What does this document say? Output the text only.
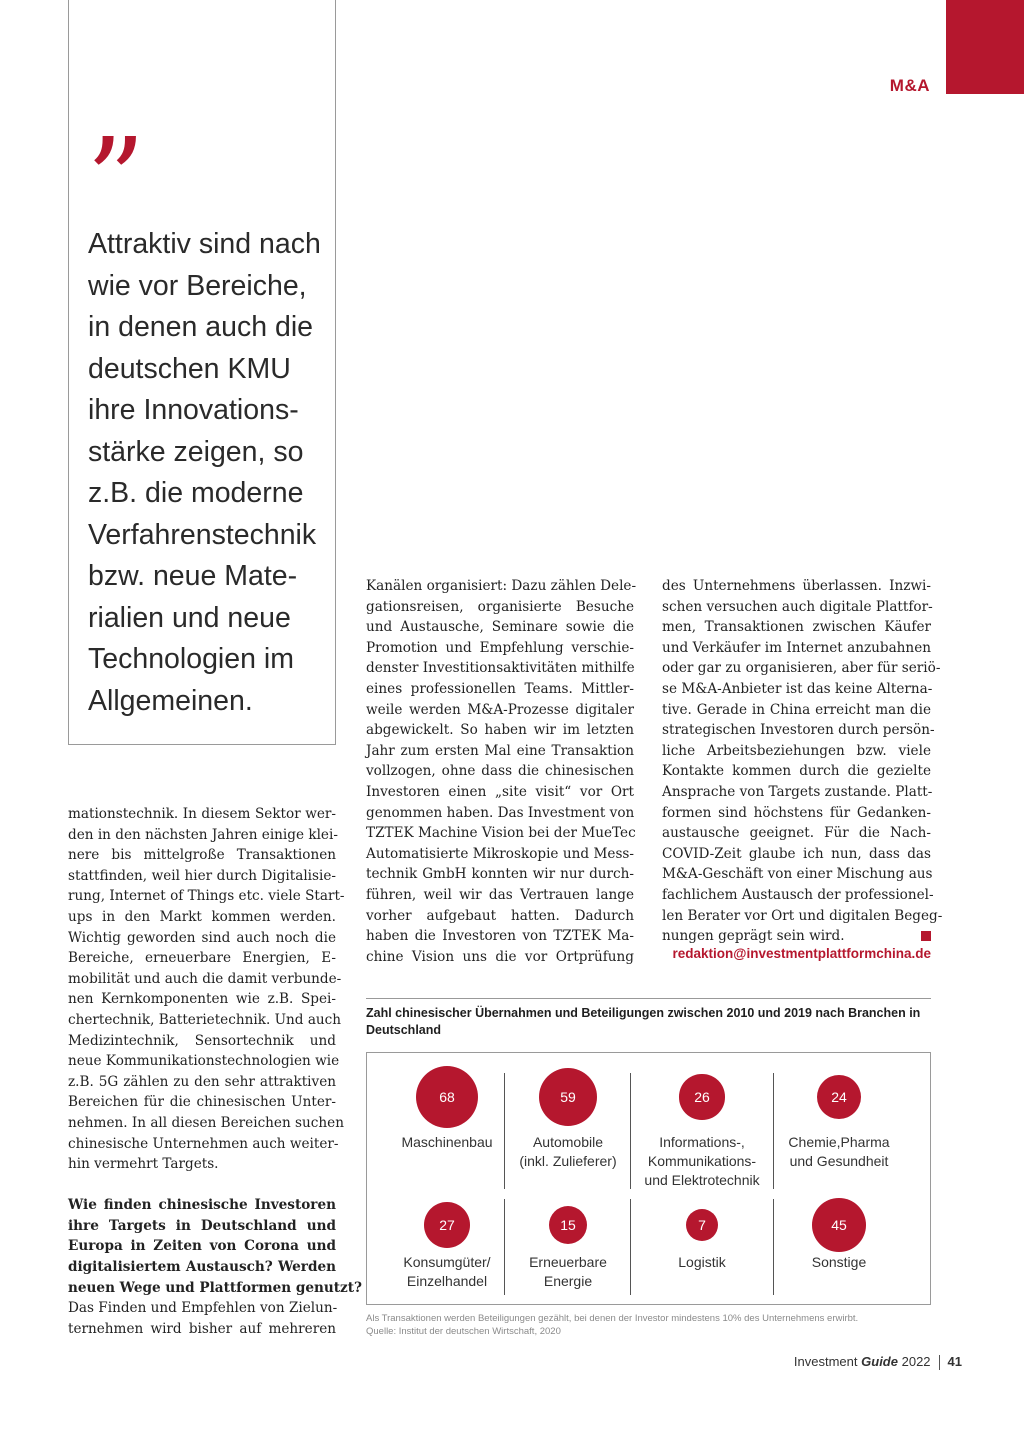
M&A
”
Attraktiv sind nach
wie vor Bereiche,
in denen auch die
deutschen KMU
ihre Innovations-
stärke zeigen, so
z.B. die moderne
Verfahrenstechnik
bzw. neue Mate-
rialien und neue
Technologien im
Allgemeinen.
mationstechnik. In diesem Sektor wer-
den in den nächsten Jahren einige klei-
nere bis mittelgroße Transaktionen
stattfinden, weil hier durch Digitalisie-
rung, Internet of Things etc. viele Start-
ups in den Markt kommen werden.
Wichtig geworden sind auch noch die
Bereiche, erneuerbare Energien, E-
mobilität und auch die damit verbunde-
nen Kernkomponenten wie z.B. Spei-
chertechnik, Batterietechnik. Und auch
Medizintechnik, Sensortechnik und
neue Kommunikationstechnologien wie
z.B. 5G zählen zu den sehr attraktiven
Bereichen für die chinesischen Unter-
nehmen. In all diesen Bereichen suchen
chinesische Unternehmen auch weiter-
hin vermehrt Targets.
Wie finden chinesische Investoren
ihre Targets in Deutschland und
Europa in Zeiten von Corona und
digitalisiertem Austausch? Werden
neuen Wege und Plattformen genutzt?
Das Finden und Empfehlen von Zielun-
ternehmen wird bisher auf mehreren
Kanälen organisiert: Dazu zählen Dele-
gationsreisen, organisierte Besuche
und Austausche, Seminare sowie die
Promotion und Empfehlung verschie-
denster Investitionsaktivitäten mithilfe
eines professionellen Teams. Mittler-
weile werden M&A-Prozesse digitaler
abgewickelt. So haben wir im letzten
Jahr zum ersten Mal eine Transaktion
vollzogen, ohne dass die chinesischen
Investoren einen „site visit“ vor Ort
genommen haben. Das Investment von
TZTEK Machine Vision bei der MueTec
Automatisierte Mikroskopie und Mess-
technik GmbH konnten wir nur durch-
führen, weil wir das Vertrauen lange
vorher aufgebaut hatten. Dadurch
haben die Investoren von TZTEK Ma-
chine Vision uns die vor Ortprüfung
des Unternehmens überlassen. Inzwi-
schen versuchen auch digitale Plattfor-
men, Transaktionen zwischen Käufer
und Verkäufer im Internet anzubahnen
oder gar zu organisieren, aber für seriö-
se M&A-Anbieter ist das keine Alterna-
tive. Gerade in China erreicht man die
strategischen Investoren durch persön-
liche Arbeitsbeziehungen bzw. viele
Kontakte kommen durch die gezielte
Ansprache von Targets zustande. Platt-
formen sind höchstens für Gedanken-
austausche geeignet. Für die Nach-
COVID-Zeit glaube ich nun, dass das
M&A-Geschäft von einer Mischung aus
fachlichem Austausch der professionel-
len Berater vor Ort und digitalen Begeg-
nungen geprägt sein wird.
redaktion@investmentplattformchina.de
Zahl chinesischer Übernahmen und Beteiligungen zwischen 2010 und 2019 nach Branchen in Deutschland
68
Maschinenbau
59
Automobile
(inkl. Zulieferer)
26
Informations-,
Kommunikations-
und Elektrotechnik
24
Chemie,Pharma
und Gesundheit
27
Konsumgüter/
Einzelhandel
15
Erneuerbare
Energie
7
Logistik
45
Sonstige
Als Transaktionen werden Beteiligungen gezählt, bei denen der Investor mindestens 10% des Unternehmens erwirbt.
Quelle: Institut der deutschen Wirtschaft, 2020
Investment Guide 2022 41
